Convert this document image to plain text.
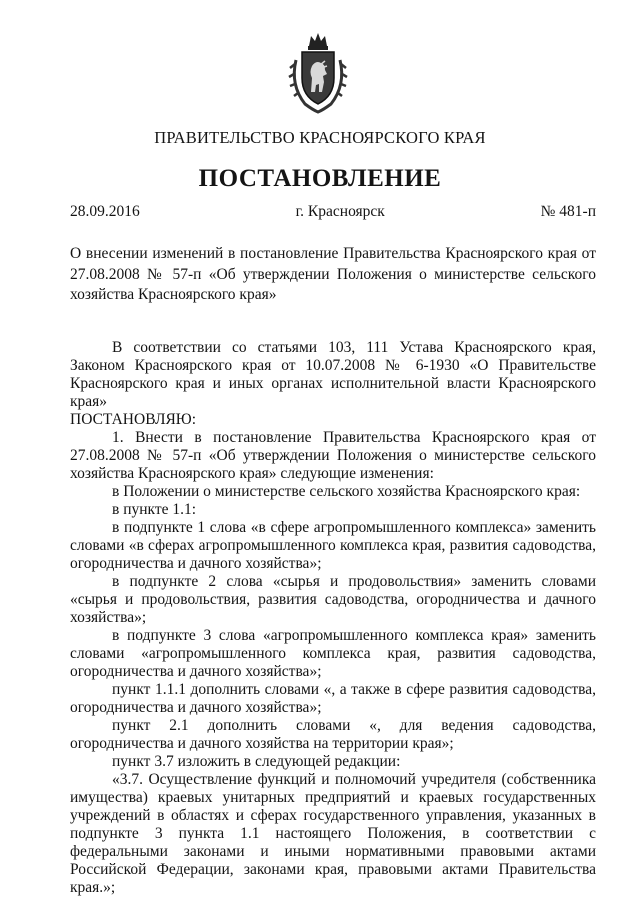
ПРАВИТЕЛЬСТВО КРАСНОЯРСКОГО КРАЯ
ПОСТАНОВЛЕНИЕ
28.09.2016	г. Красноярск	№ 481-п
О внесении изменений в постановление Правительства Красноярского края от 27.08.2008 № 57-п «Об утверждении Положения о министерстве сельского хозяйства Красноярского края»

В соответствии со статьями 103, 111 Устава Красноярского края, Законом Красноярского края от 10.07.2008 № 6-1930 «О Правительстве Красноярского края и иных органах исполнительной власти Красноярского края»

ПОСТАНОВЛЯЮ:

1. Внести в постановление Правительства Красноярского края от 27.08.2008 № 57-п «Об утверждении Положения о министерстве сельского хозяйства Красноярского края» следующие изменения:

в Положении о министерстве сельского хозяйства Красноярского края:

в пункте 1.1:

в подпункте 1 слова «в сфере агропромышленного комплекса» заменить словами «в сферах агропромышленного комплекса края, развития садоводства, огородничества и дачного хозяйства»;

в подпункте 2 слова «сырья и продовольствия» заменить словами «сырья и продовольствия, развития садоводства, огородничества и дачного хозяйства»;

в подпункте 3 слова «агропромышленного комплекса края» заменить словами «агропромышленного комплекса края, развития садоводства, огородничества и дачного хозяйства»;

пункт 1.1.1 дополнить словами «, а также в сфере развития садоводства, огородничества и дачного хозяйства»;

пункт 2.1 дополнить словами «, для ведения садоводства, огородничества и дачного хозяйства на территории края»;

пункт 3.7 изложить в следующей редакции:

«3.7. Осуществление функций и полномочий учредителя (собственника имущества) краевых унитарных предприятий и краевых государственных учреждений в областях и сферах государственного управления, указанных в подпункте 3 пункта 1.1 настоящего Положения, в соответствии с федеральными законами и иными нормативными правовыми актами Российской Федерации, законами края, правовыми актами Правительства края.»;
